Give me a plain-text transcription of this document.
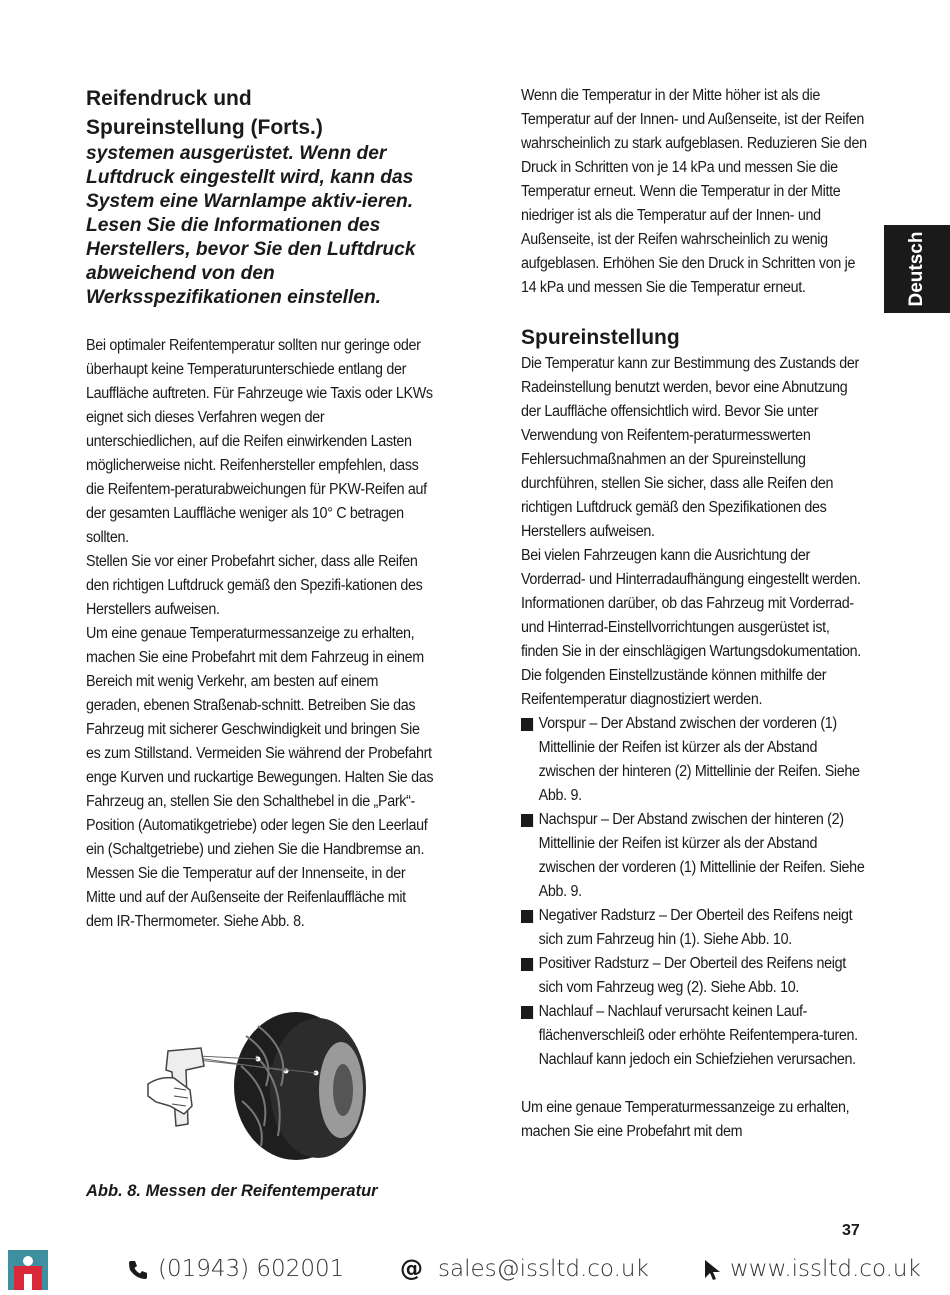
Reifendruck und
Spureinstellung (Forts.)

systemen ausgerüstet. Wenn der Luftdruck eingestellt wird, kann das System eine Warnlampe aktiv-ieren. Lesen Sie die Informationen des Herstellers, bevor Sie den Luftdruck abweichend von den Werksspezifikationen einstellen.

Bei optimaler Reifentemperatur sollten nur geringe oder überhaupt keine Temperaturunterschiede entlang der Lauffläche auftreten. Für Fahrzeuge wie Taxis oder LKWs eignet sich dieses Verfahren wegen der unterschiedlichen, auf die Reifen einwirkenden Lasten möglicherweise nicht. Reifenhersteller empfehlen, dass die Reifentem-peraturabweichungen für PKW-Reifen auf der gesamten Lauffläche weniger als 10° C betragen sollten.

Stellen Sie vor einer Probefahrt sicher, dass alle Reifen den richtigen Luftdruck gemäß den Spezifi-kationen des Herstellers aufweisen.

Um eine genaue Temperaturmessanzeige zu erhalten, machen Sie eine Probefahrt mit dem Fahrzeug in einem Bereich mit wenig Verkehr, am besten auf einem geraden, ebenen Straßenab-schnitt. Betreiben Sie das Fahrzeug mit sicherer Geschwindigkeit und bringen Sie es zum Stillstand. Vermeiden Sie während der Probefahrt enge Kurven und ruckartige Bewegungen. Halten Sie das Fahrzeug an, stellen Sie den Schalthebel in die „Park“-Position (Automatikgetriebe) oder legen Sie den Leerlauf ein (Schaltgetriebe) und ziehen Sie die Handbremse an. Messen Sie die Temperatur auf der Innenseite, in der Mitte und auf der Außenseite der Reifenlauffläche mit dem IR-Thermometer. Siehe Abb. 8.

Abb. 8. Messen der Reifentemperatur

Wenn die Temperatur in der Mitte höher ist als die Temperatur auf der Innen- und Außenseite, ist der Reifen wahrscheinlich zu stark aufgeblasen. Reduzieren Sie den Druck in Schritten von je 14 kPa und messen Sie die Temperatur erneut. Wenn die Temperatur in der Mitte niedriger ist als die Temperatur auf der Innen- und Außenseite, ist der Reifen wahrscheinlich zu wenig aufgeblasen. Erhöhen Sie den Druck in Schritten von je 14 kPa und messen Sie die Temperatur erneut.

Spureinstellung

Die Temperatur kann zur Bestimmung des Zustands der Radeinstellung benutzt werden, bevor eine Abnutzung der Lauffläche offensichtlich wird. Bevor Sie unter Verwendung von Reifentem-peraturmesswerten Fehlersuchmaßnahmen an der Spureinstellung durchführen, stellen Sie sicher, dass alle Reifen den richtigen Luftdruck gemäß den Spezifikationen des Herstellers aufweisen.

Bei vielen Fahrzeugen kann die Ausrichtung der Vorderrad- und Hinterradaufhängung eingestellt werden. Informationen darüber, ob das Fahrzeug mit Vorderrad- und Hinterrad-Einstellvorrichtungen ausgerüstet ist, finden Sie in der einschlägigen Wartungsdokumentation.

Die folgenden Einstellzustände können mithilfe der Reifentemperatur diagnostiziert werden.

Vorspur – Der Abstand zwischen der vorderen (1) Mittellinie der Reifen ist kürzer als der Abstand zwischen der hinteren (2) Mittellinie der Reifen. Siehe Abb. 9.
Nachspur – Der Abstand zwischen der hinteren (2) Mittellinie der Reifen ist kürzer als der Abstand zwischen der vorderen (1) Mittellinie der Reifen. Siehe Abb. 9.
Negativer Radsturz – Der Oberteil des Reifens neigt sich zum Fahrzeug hin (1). Siehe Abb. 10.
Positiver Radsturz – Der Oberteil des Reifens neigt sich vom Fahrzeug weg (2). Siehe Abb. 10.
Nachlauf – Nachlauf verursacht keinen Lauf-flächenverschleiß oder erhöhte Reifentempera-turen. Nachlauf kann jedoch ein Schiefziehen verursachen.

Um eine genaue Temperaturmessanzeige zu erhalten, machen Sie eine Probefahrt mit dem

Deutsch
37
(01943) 602001 @ sales@issltd.co.uk	www.issltd.co.uk
